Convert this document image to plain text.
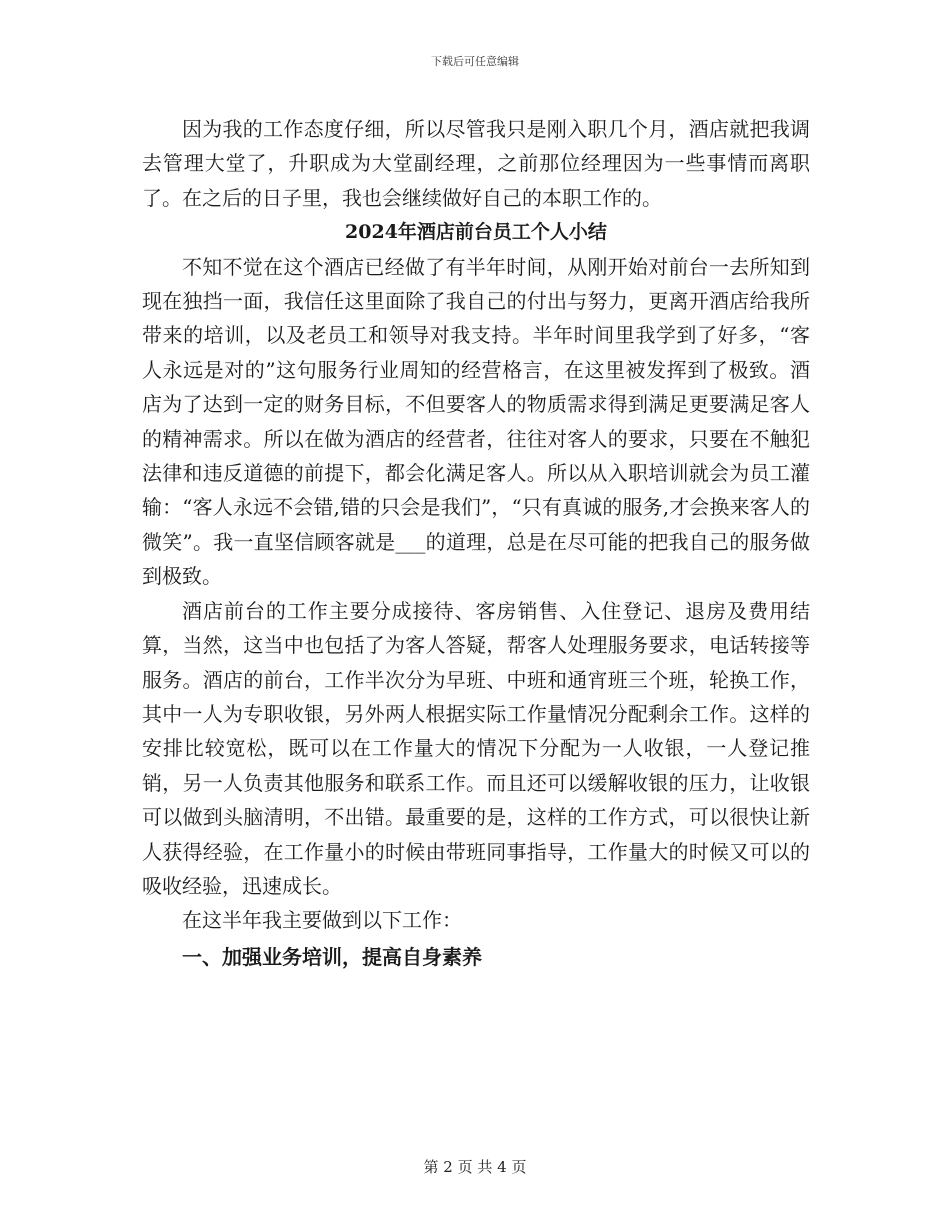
下载后可任意编辑

因为我的工作态度仔细，所以尽管我只是刚入职几个月，酒店就把我调去管理大堂了，升职成为大堂副经理，之前那位经理因为一些事情而离职了。在之后的日子里，我也会继续做好自己的本职工作的。

2024年酒店前台员工个人小结

不知不觉在这个酒店已经做了有半年时间，从刚开始对前台一去所知到现在独挡一面，我信任这里面除了我自己的付出与努力，更离开酒店给我所带来的培训，以及老员工和领导对我支持。半年时间里我学到了好多，“客人永远是对的”这句服务行业周知的经营格言，在这里被发挥到了极致。酒店为了达到一定的财务目标，不但要客人的物质需求得到满足更要满足客人的精神需求。所以在做为酒店的经营者，往往对客人的要求，只要在不触犯法律和违反道德的前提下，都会化满足客人。所以从入职培训就会为员工灌输：“客人永远不会错,错的只会是我们”，“只有真诚的服务,才会换来客人的微笑”。我一直坚信顾客就是___的道理，总是在尽可能的把我自己的服务做到极致。

酒店前台的工作主要分成接待、客房销售、入住登记、退房及费用结算，当然，这当中也包括了为客人答疑，帮客人处理服务要求，电话转接等服务。酒店的前台，工作半次分为早班、中班和通宵班三个班，轮换工作，其中一人为专职收银，另外两人根据实际工作量情况分配剩余工作。这样的安排比较宽松，既可以在工作量大的情况下分配为一人收银，一人登记推销，另一人负责其他服务和联系工作。而且还可以缓解收银的压力，让收银可以做到头脑清明，不出错。最重要的是，这样的工作方式，可以很快让新人获得经验，在工作量小的时候由带班同事指导，工作量大的时候又可以的吸收经验，迅速成长。

在这半年我主要做到以下工作：

一、加强业务培训，提高自身素养

第 2 页 共 4 页
